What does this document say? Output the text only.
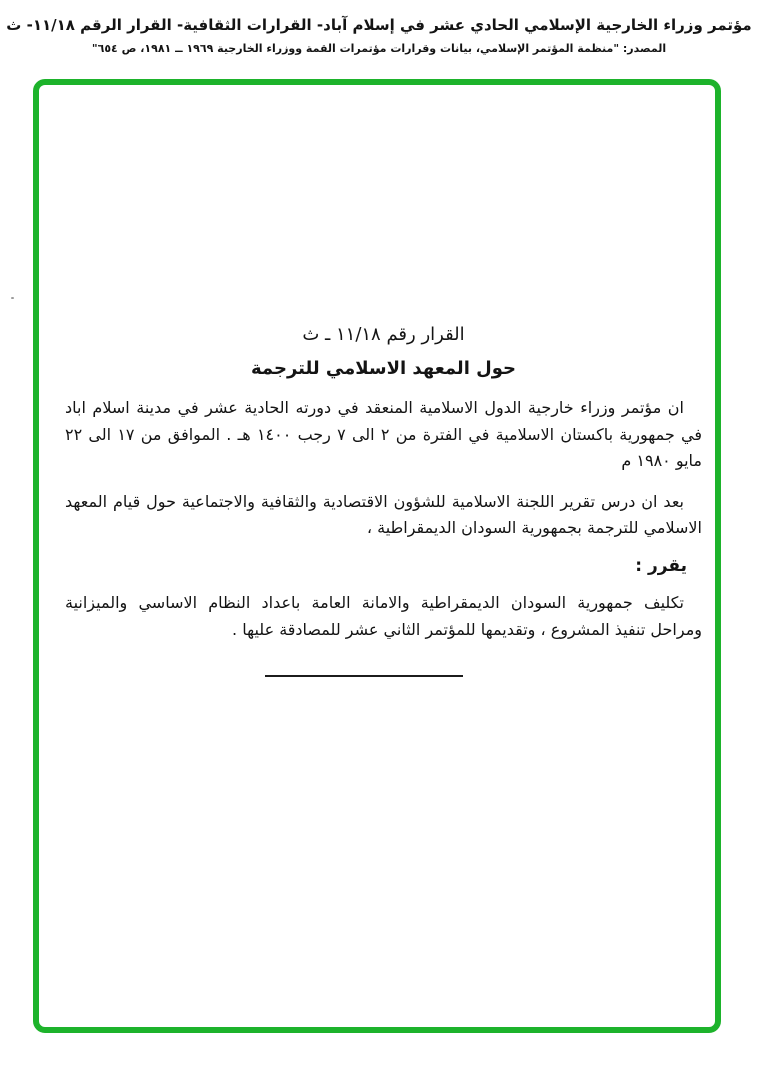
مؤتمر وزراء الخارجية الإسلامي الحادي عشر في إسلام آباد- القرارات الثقافية- القرار الرقم ١١/١٨- ث
المصدر: "منظمة المؤتمر الإسلامي، بيانات وقرارات مؤتمرات القمة ووزراء الخارجية ١٩٦٩ ــ ١٩٨١، ص ٦٥٤"
القرار رقم ١١/١٨ ـ ث
حول المعهد الاسلامي للترجمة
ان مؤتمر وزراء خارجية الدول الاسلامية المنعقد في دورته الحادية عشر في مدينة اسلام اباد في جمهورية باكستان الاسلامية في الفترة من ٢ الى ٧ رجب ١٤٠٠ هـ . الموافق من ١٧ الى ٢٢ مايو ١٩٨٠ م
بعد ان درس تقرير اللجنة الاسلامية للشؤون الاقتصادية والثقافية والاجتماعية حول قيام المعهد الاسلامي للترجمة بجمهورية السودان الديمقراطية ،
يقرر :
تكليف جمهورية السودان الديمقراطية والامانة العامة باعداد النظام الاساسي والميزانية ومراحل تنفيذ المشروع ، وتقديمها للمؤتمر الثاني عشر للمصادقة عليها .
